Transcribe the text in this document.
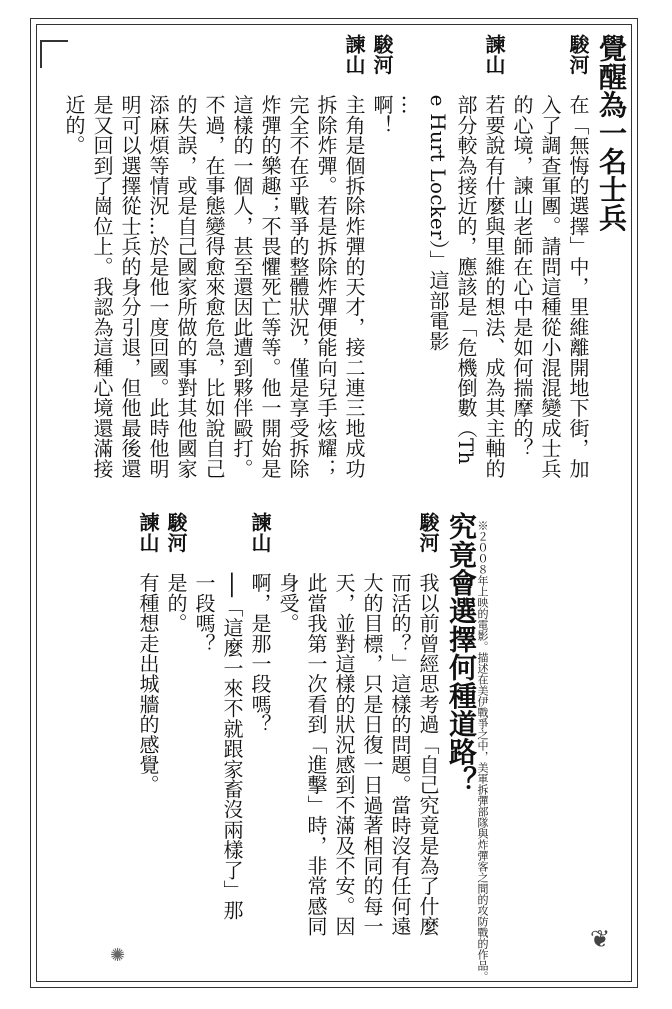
❦
✺
覺醒為一名士兵
駿河　在「無悔的選擇」中，里維離開地下街，加
　　　入了調查軍團。請問這種從小混混變成士兵
　　　的心境，諫山老師在心中是如何揣摩的？
諫山　若要說有什麼與里維的想法、成為其主軸的
　　　部分較為接近的，應該是「危機倒數（Th
　　　e Hurt Locker）」這部電影
　　　…
駿河　啊！
諫山　主角是個拆除炸彈的天才，接二連三地成功
　　　拆除炸彈。若是拆除炸彈便能向兒手炫耀；
　　　完全不在乎戰爭的整體狀況，僅是享受拆除
　　　炸彈的樂趣；不畏懼死亡等等。他一開始是
　　　這樣的一個人，甚至還因此遭到夥伴毆打。
　　　不過，在事態變得愈來愈危急，比如說自己
　　　的失誤，或是自己國家所做的事對其他國家
　　　添麻煩等情況…於是他一度回國。此時他明
　　　明可以選擇從士兵的身分引退，但他最後還
　　　是又回到了崗位上。我認為這種心境還滿接
　　　近的。
※２００８年上映的電影。描述在美伊戰爭之中，美軍拆彈部隊與炸彈客之間的攻防戰的作品。
究竟會選擇何種道路？
駿河　我以前曾經思考過「自己究竟是為了什麼
　　　而活的？」這樣的問題。當時沒有任何遠
　　　大的目標，只是日復一日過著相同的每一
　　　天，並對這樣的狀況感到不滿及不安。因
　　　此當我第一次看到「進擊」時，非常感同
　　　身受。
諫山　啊，是那一段嗎？
　　　──「這麼一來不就跟家畜沒兩樣了」那
　　　一段嗎？
駿河　是的。
諫山　有種想走出城牆的感覺。
